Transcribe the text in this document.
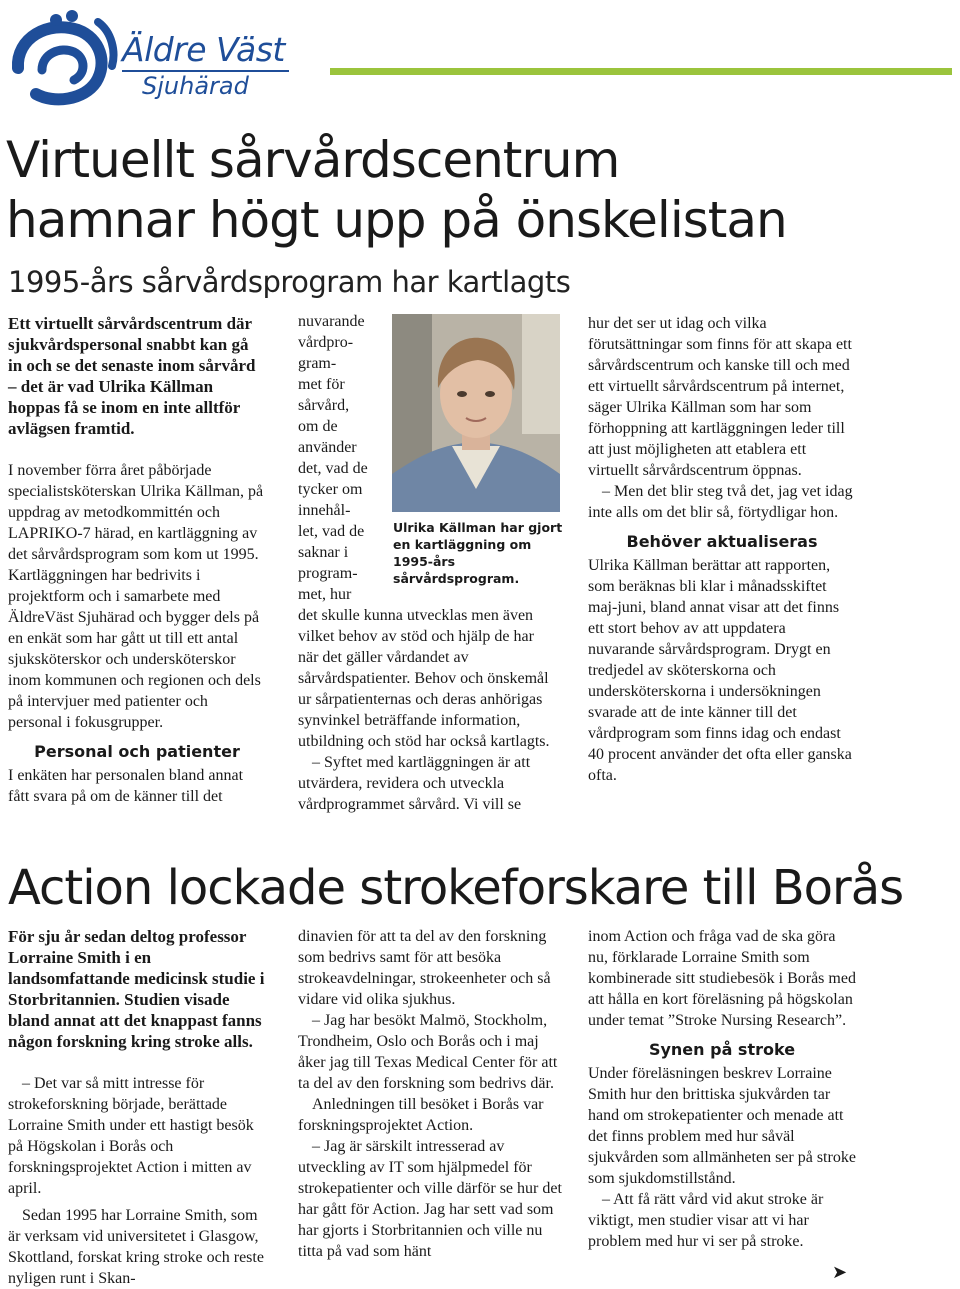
Äldre Väst
Sjuhärad
Virtuellt sårvårdscentrum
hamnar högt upp på önskelistan
1995-års sårvårdsprogram har kartlagts

Ett virtuellt sårvårdscentrum där sjukvårdspersonal snabbt kan gå in och se det senaste inom sårvård – det är vad Ulrika Källman hoppas få se inom en inte alltför avlägsen framtid.

I november förra året påbörjade specialistsköterskan Ulrika Källman, på uppdrag av metodkommittén och LAPRIKO-7 härad, en kartläggning av det sårvårdsprogram som kom ut 1995. Kartläggningen har bedrivits i projektform och i samarbete med ÄldreVäst Sjuhärad och bygger dels på en enkät som har gått ut till ett antal sjuksköterskor och undersköterskor inom kommunen och regionen och dels på intervjuer med patienter och personal i fokusgrupper.

Personal och patienter

I enkäten har personalen bland annat fått svara på om de känner till det

nuvarande
vårdpro-
gram-
met för
sårvård,
om de
använder
det, vad de
tycker om
innehål-
let, vad de
saknar i
program-
met, hur

det skulle kunna utvecklas men även vilket behov av stöd och hjälp de har när det gäller vårdandet av sårvårdspatienter. Behov och önskemål ur sårpatienternas och deras anhörigas synvinkel beträffande information, utbildning och stöd har också kartlagts.

– Syftet med kartläggningen är att utvärdera, revidera och utveckla vårdprogrammet sårvård. Vi vill se

Ulrika Källman har gjort en kartläggning om 1995-års sårvårdsprogram.

hur det ser ut idag och vilka förutsättningar som finns för att skapa ett sårvårdscentrum och kanske till och med ett virtuellt sårvårdscentrum på internet, säger Ulrika Källman som har som förhoppning att kartläggningen leder till att just möjligheten att etablera ett virtuellt sårvårdscentrum öppnas.

– Men det blir steg två det, jag vet idag inte alls om det blir så, förtydligar hon.

Behöver aktualiseras

Ulrika Källman berättar att rapporten, som beräknas bli klar i månadsskiftet maj-juni, bland annat visar att det finns ett stort behov av att uppdatera nuvarande sårvårdsprogram. Drygt en tredjedel av sköterskorna och undersköterskorna i undersökningen svarade att de inte känner till det vårdprogram som finns idag och endast 40 procent använder det ofta eller ganska ofta.

Action lockade strokeforskare till Borås

För sju år sedan deltog professor Lorraine Smith i en landsomfattande medicinsk studie i Storbritannien. Studien visade bland annat att det knappast fanns någon forskning kring stroke alls.

– Det var så mitt intresse för strokeforskning började, berättade Lorraine Smith under ett hastigt besök på Högskolan i Borås och forskningsprojektet Action i mitten av april.

Sedan 1995 har Lorraine Smith, som är verksam vid universitetet i Glasgow, Skottland, forskat kring stroke och reste nyligen runt i Skan-

dinavien för att ta del av den forskning som bedrivs samt för att besöka strokeavdelningar, strokeenheter och så vidare vid olika sjukhus.

– Jag har besökt Malmö, Stockholm, Trondheim, Oslo och Borås och i maj åker jag till Texas Medical Center för att ta del av den forskning som bedrivs där.

Anledningen till besöket i Borås var forskningsprojektet Action.

– Jag är särskilt intresserad av utveckling av IT som hjälpmedel för strokepatienter och ville därför se hur det har gått för Action. Jag har sett vad som har gjorts i Storbritannien och ville nu titta på vad som hänt

inom Action och fråga vad de ska göra nu, förklarade Lorraine Smith som kombinerade sitt studiebesök i Borås med att hålla en kort föreläsning på högskolan under temat ”Stroke Nursing Research”.

Synen på stroke

Under föreläsningen beskrev Lorraine Smith hur den brittiska sjukvården tar hand om strokepatienter och menade att det finns problem med hur såväl sjukvården som allmänheten ser på stroke som sjukdomstillstånd.

– Att få rätt vård vid akut stroke är viktigt, men studier visar att vi har problem med hur vi ser på stroke.

➤
